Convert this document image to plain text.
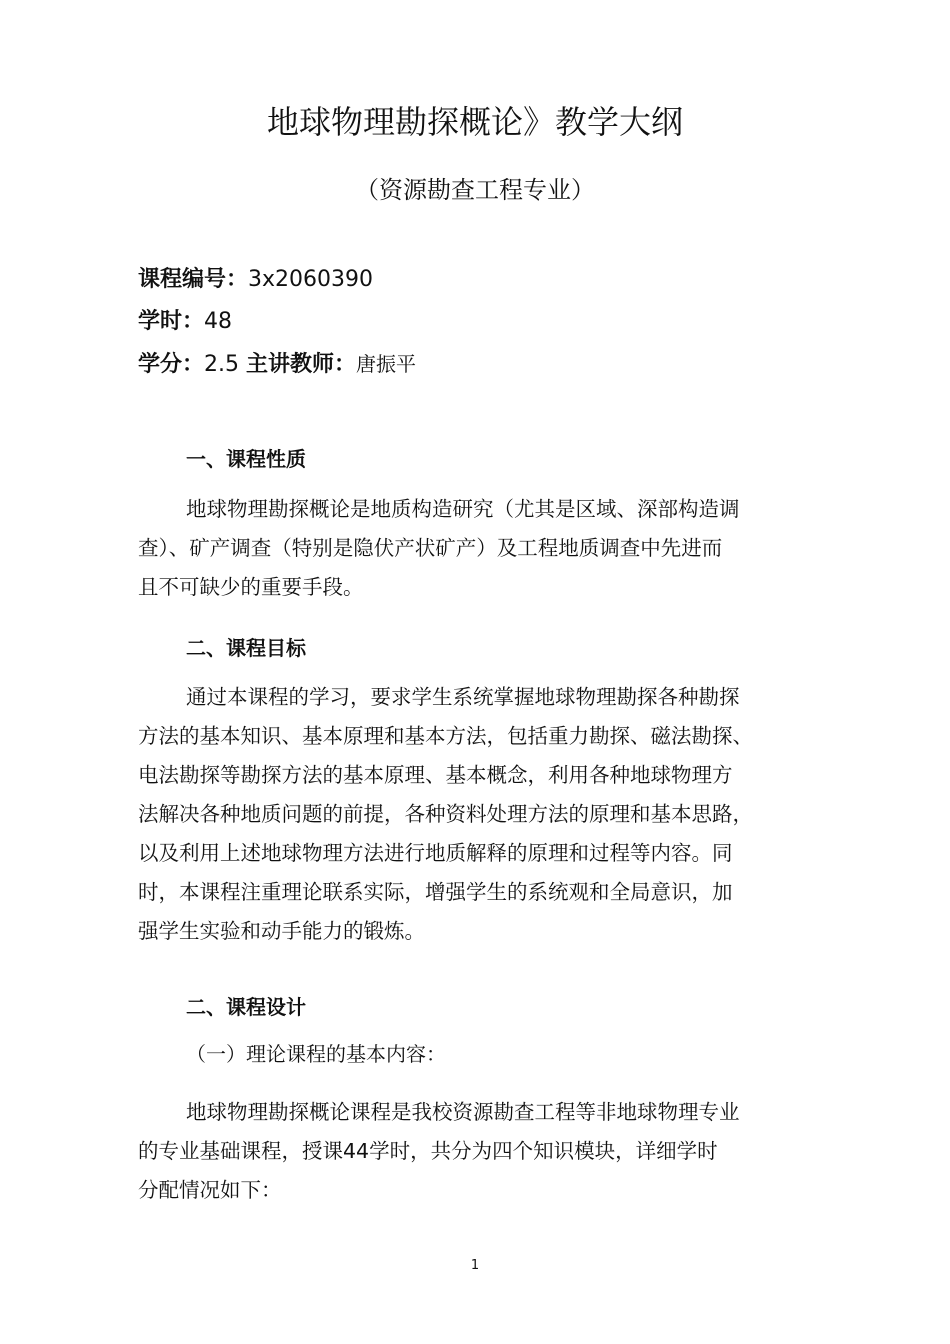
地球物理勘探概论》教学大纲
（资源勘查工程专业）
课程编号：3x2060390
学时：48
学分：2.5 主讲教师：唐振平
一、课程性质
地球物理勘探概论是地质构造研究（尤其是区域、深部构造调
查）、矿产调查（特别是隐伏产状矿产）及工程地质调查中先进而
且不可缺少的重要手段。
二、课程目标
通过本课程的学习，要求学生系统掌握地球物理勘探各种勘探
方法的基本知识、基本原理和基本方法，包括重力勘探、磁法勘探、
电法勘探等勘探方法的基本原理、基本概念，利用各种地球物理方
法解决各种地质问题的前提，各种资料处理方法的原理和基本思路，
以及利用上述地球物理方法进行地质解释的原理和过程等内容。同
时，本课程注重理论联系实际，增强学生的系统观和全局意识，加
强学生实验和动手能力的锻炼。
二、课程设计
（一）理论课程的基本内容：
地球物理勘探概论课程是我校资源勘查工程等非地球物理专业
的专业基础课程，授课44学时，共分为四个知识模块，详细学时
分配情况如下：
1
